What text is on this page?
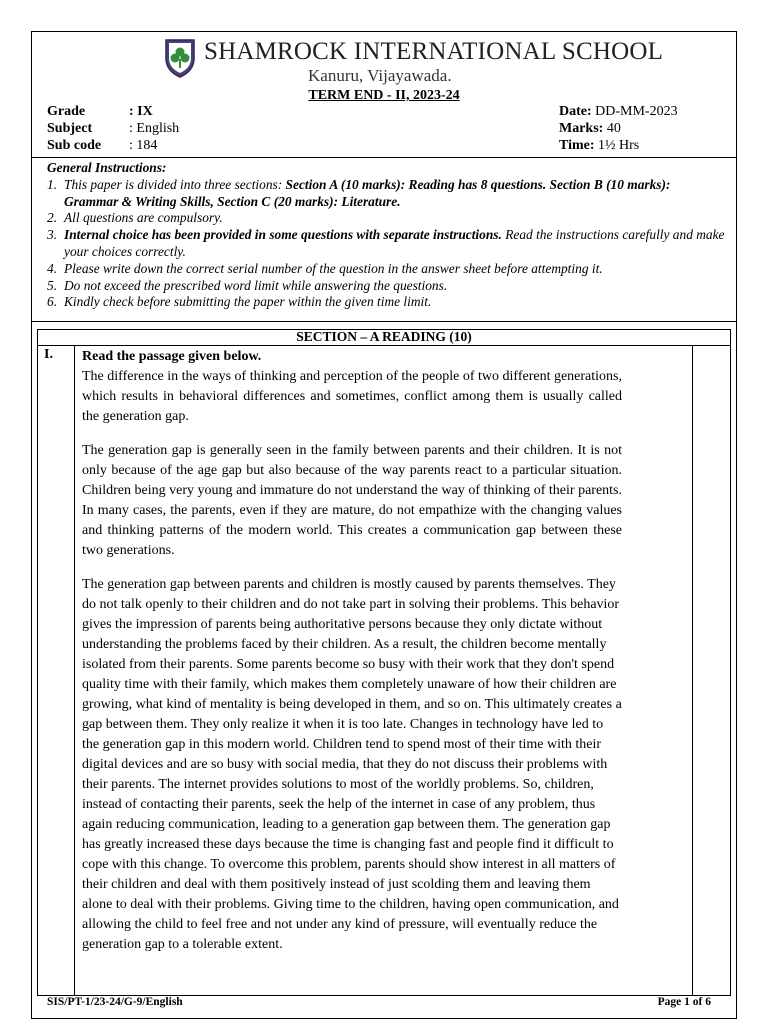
SHAMROCK INTERNATIONAL SCHOOL
Kanuru, Vijayawada.
TERM END - II, 2023-24
Grade	: IX
Subject	: English
Sub code : 184
Date: DD-MM-2023
Marks: 40
Time: 1½ Hrs
General Instructions:
1. This paper is divided into three sections: Section A (10 marks): Reading has 8 questions. Section B (10 marks): Grammar & Writing Skills, Section C (20 marks): Literature.
2. All questions are compulsory.
3. Internal choice has been provided in some questions with separate instructions. Read the instructions carefully and make your choices correctly.
4. Please write down the correct serial number of the question in the answer sheet before attempting it.
5. Do not exceed the prescribed word limit while answering the questions.
6. Kindly check before submitting the paper within the given time limit.
SECTION – A READING (10)
I. Read the passage given below.

The difference in the ways of thinking and perception of the people of two different generations, which results in behavioral differences and sometimes, conflict among them is usually called the generation gap.

The generation gap is generally seen in the family between parents and their children. It is not only because of the age gap but also because of the way parents react to a particular situation. Children being very young and immature do not understand the way of thinking of their parents. In many cases, the parents, even if they are mature, do not empathize with the changing values and thinking patterns of the modern world. This creates a communication gap between these two generations.

The generation gap between parents and children is mostly caused by parents themselves. They do not talk openly to their children and do not take part in solving their problems. This behavior gives the impression of parents being authoritative persons because they only dictate without understanding the problems faced by their children. As a result, the children become mentally isolated from their parents. Some parents become so busy with their work that they don't spend quality time with their family, which makes them completely unaware of how their children are growing, what kind of mentality is being developed in them, and so on. This ultimately creates a gap between them. They only realize it when it is too late. Changes in technology have led to the generation gap in this modern world. Children tend to spend most of their time with their digital devices and are so busy with social media, that they do not discuss their problems with their parents. The internet provides solutions to most of the worldly problems. So, children, instead of contacting their parents, seek the help of the internet in case of any problem, thus again reducing communication, leading to a generation gap between them. The generation gap has greatly increased these days because the time is changing fast and people find it difficult to cope with this change. To overcome this problem, parents should show interest in all matters of their children and deal with them positively instead of just scolding them and leaving them alone to deal with their problems. Giving time to the children, having open communication, and allowing the child to feel free and not under any kind of pressure, will eventually reduce the generation gap to a tolerable extent.

SIS/PT-1/23-24/G-9/English	Page 1 of 6
